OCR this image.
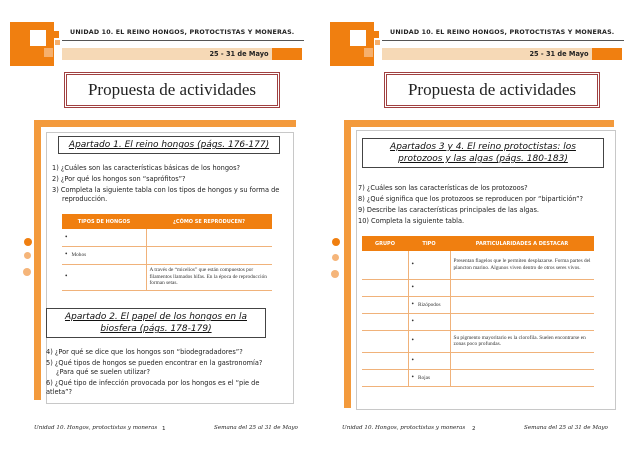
UNIDAD 10. EL REINO HONGOS, PROTOCTISTAS Y MONERAS.
25 - 31 de Mayo
Propuesta de actividades
Apartado 1. El reino hongos (págs. 176-177)
1) ¿Cuáles son las características básicas de los hongos?
2) ¿Por qué los hongos son “saprófitos”?
3) Completa la siguiente tabla con los tipos de hongos y su forma de reproducción.
TIPOS DE HONGOS	¿CÓMO SE REPRODUCEN?
•	
• Mohos	
•	A través de “micelios” que están compuestos por filamentos llamados hifas. En la época de reproducción forman setas.
Apartado 2. El papel de los hongos en la biosfera (págs. 178-179)
4) ¿Por qué se dice que los hongos son “biodegradadores”?
5) ¿Qué tipos de hongos se pueden encontrar en la gastronomía? ¿Para qué se suelen utilizar?
6) ¿Qué tipo de infección provocada por los hongos es el “pie de atleta”?
Unidad 10. Hongos, protoctistas y moneras 1	Semana del 25 al 31 de Mayo
UNIDAD 10. EL REINO HONGOS, PROTOCTISTAS Y MONERAS.
25 - 31 de Mayo
Propuesta de actividades
Apartados 3 y 4. El reino protoctistas: los protozoos y las algas (págs. 180-183)
7) ¿Cuáles son las características de los protozoos?
8) ¿Qué significa que los protozoos se reproducen por “bipartición”?
9) Describe las características principales de las algas.
10) Completa la siguiente tabla.
GRUPO	TIPO	PARTICULARIDADES A DESTACAR
	•	Presentan flagelos que le permiten desplazarse. Forma partes del plancton marino. Algunos viven dentro de otros seres vivos.
	•	
	• Rizópodos	
	•	
	•	Su pigmento mayoritario es la clorofila. Suelen encontrarse en zonas poco profundas.
	•	
	• Rojas	
Unidad 10. Hongos, protoctistas y moneras 2	Semana del 25 al 31 de Mayo
